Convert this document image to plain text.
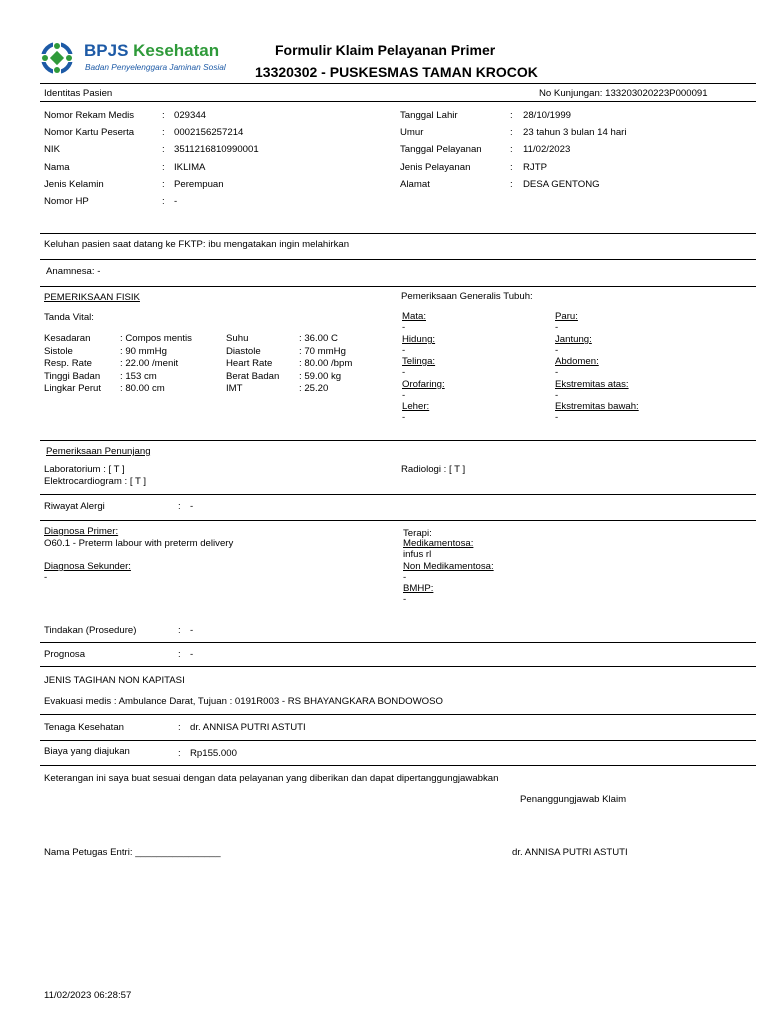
BPJS Kesehatan
Badan Penyelenggara Jaminan Sosial
Formulir Klaim Pelayanan Primer
13320302 - PUSKESMAS TAMAN KROCOK
Identitas Pasien	No Kunjungan: 133203020223P000091
Nomor Rekam Medis	: 029344
Nomor Kartu Peserta	: 0002156257214
NIK	: 3511216810990001
Nama	: IKLIMA
Jenis Kelamin	: Perempuan
Nomor HP	: -
Tanggal Lahir	: 28/10/1999
Umur	: 23 tahun 3 bulan 14 hari
Tanggal Pelayanan	: 11/02/2023
Jenis Pelayanan	: RJTP
Alamat	: DESA GENTONG
Keluhan pasien saat datang ke FKTP: ibu mengatakan ingin melahirkan
Anamnesa: -
PEMERIKSAAN FISIK
Tanda Vital:
Kesadaran	: Compos mentis
Sistole	: 90 mmHg
Resp. Rate	: 22.00 /menit
Tinggi Badan : 153 cm
Lingkar Perut : 80.00 cm
Suhu	: 36.00 C
Diastole	: 70 mmHg
Heart Rate	: 80.00 /bpm
Berat Badan : 59.00 kg
IMT	: 25.20
Pemeriksaan Generalis Tubuh:
Mata:
-
Hidung:
-
Telinga:
-
Orofaring:
-
Leher:
-
Paru:
-
Jantung:
-
Abdomen:
-
Ekstremitas atas:
-
Ekstremitas bawah:
-
Pemeriksaan Penunjang
Laboratorium : [ T ]
Elektrocardiogram : [ T ]
Radiologi : [ T ]
Riwayat Alergi	: -
Diagnosa Primer:
O60.1 - Preterm labour with preterm delivery
Diagnosa Sekunder:
-
Terapi:
Medikamentosa:
infus rl
Non Medikamentosa:
-
BMHP:
-
Tindakan (Prosedure)	: -
Prognosa	: -
JENIS TAGIHAN NON KAPITASI
Evakuasi medis : Ambulance Darat, Tujuan : 0191R003 - RS BHAYANGKARA BONDOWOSO
Tenaga Kesehatan	: dr. ANNISA PUTRI ASTUTI
Biaya yang diajukan	: Rp155.000
Keterangan ini saya buat sesuai dengan data pelayanan yang diberikan dan dapat dipertanggungjawabkan
Penanggungjawab Klaim
Nama Petugas Entri: ________________	dr. ANNISA PUTRI ASTUTI
11/02/2023 06:28:57
